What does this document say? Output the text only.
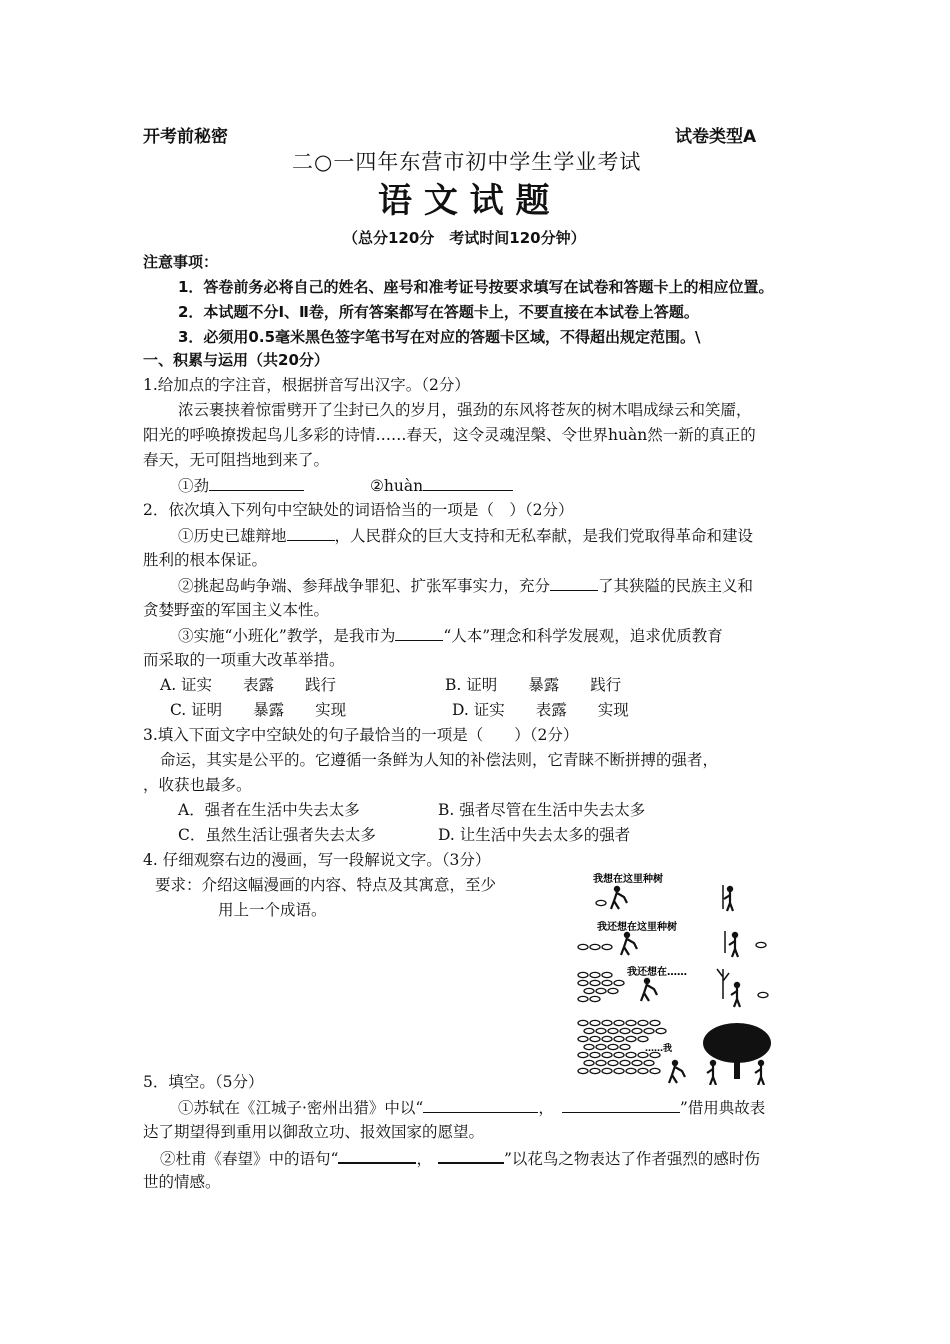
开考前秘密	试卷类型A
二○一四年东营市初中学生学业考试
语 文 试 题
（总分120分　考试时间120分钟）
注意事项：
1．答卷前务必将自己的姓名、座号和准考证号按要求填写在试卷和答题卡上的相应位置。
2．本试题不分Ⅰ、Ⅱ卷，所有答案都写在答题卡上，不要直接在本试卷上答题。
3．必须用0.5毫米黑色签字笔书写在对应的答题卡区域，不得超出规定范围。\
一、积累与运用（共20分）
1.给加点的字注音，根据拼音写出汉字。（2分）
浓云裹挟着惊雷劈开了尘封已久的岁月，强劲的东风将苍灰的树木唱成绿云和笑靥，
阳光的呼唤撩拨起鸟儿多彩的诗情……春天，这令灵魂涅槃、令世界huàn然一新的真正的
春天，无可阻挡地到来了。
①劲	②huàn
2．依次填入下列句中空缺处的词语恰当的一项是（　）（2分）
①历史已雄辩地	，人民群众的巨大支持和无私奉献，是我们党取得革命和建设
胜利的根本保证。
②挑起岛屿争端、参拜战争罪犯、扩张军事实力，充分	了其狭隘的民族主义和
贪婪野蛮的军国主义本性。
③实施“小班化”教学，是我市为	“人本”理念和科学发展观，追求优质教育
而采取的一项重大改革举措。
A. 证实　　表露　　践行	B. 证明　　暴露　　践行
C. 证明　　暴露　　实现	D. 证实　　表露　　实现
3.填入下面文字中空缺处的句子最恰当的一项是（　　）（2分）
命运，其实是公平的。它遵循一条鲜为人知的补偿法则，它青睐不断拼搏的强者，
，收获也最多。
A．强者在生活中失去太多	B. 强者尽管在生活中失去太多
C．虽然生活让强者失去太多	D. 让生活中失去太多的强者
4. 仔细观察右边的漫画，写一段解说文字。（3分）
要求：介绍这幅漫画的内容、特点及其寓意，至少
用上一个成语。
我想在这里种树
我还想在这里种树
我还想在……
……我
5．填空。（5分）
①苏轼在《江城子·密州出猎》中以“	，	”借用典故表
达了期望得到重用以御敌立功、报效国家的愿望。
②杜甫《春望》中的语句“	，	”以花鸟之物表达了作者强烈的感时伤
世的情感。
